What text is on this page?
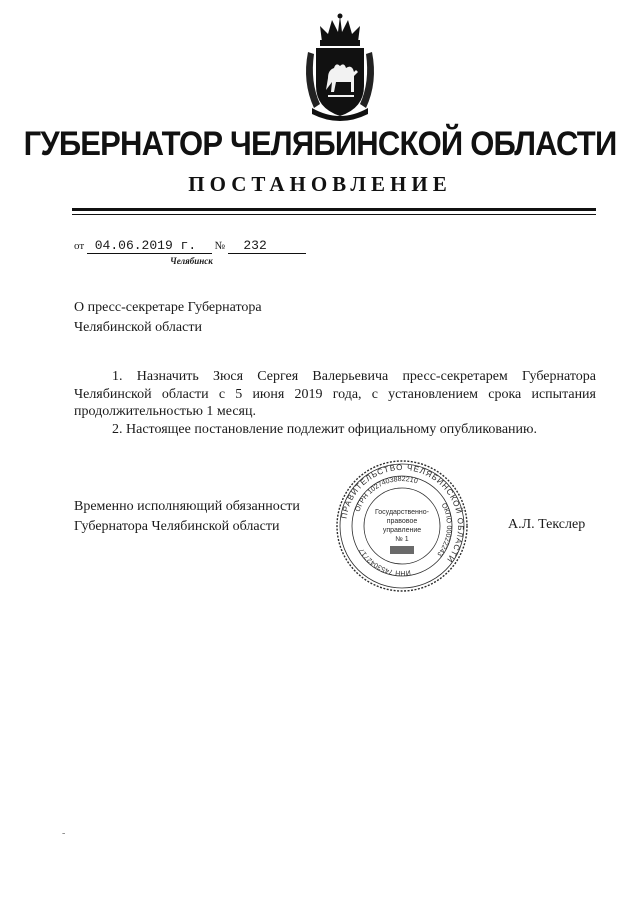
ГУБЕРНАТОР ЧЕЛЯБИНСКОЙ ОБЛАСТИ
ПОСТАНОВЛЕНИЕ
от 04.06.2019 г. № 232
Челябинск
О пресс-секретаре Губернатора
Челябинской области

1. Назначить Зюся Сергея Валерьевича пресс-секретарем Губернатора Челябинской области с 5 июня 2019 года, с установлением срока испытания продолжительностью 1 месяц.

2. Настоящее постановление подлежит официальному опубликованию.

Временно исполняющий обязанности
Губернатора Челябинской области	А.Л. Текслер
ПРАВИТЕЛЬСТВО ЧЕЛЯБИНСКОЙ ОБЛАСТИ
ОГРН 1027403882210
ОКПО 00022243
ИНН 7453042717
Государственно-
правовое
управление
№ 1
-
